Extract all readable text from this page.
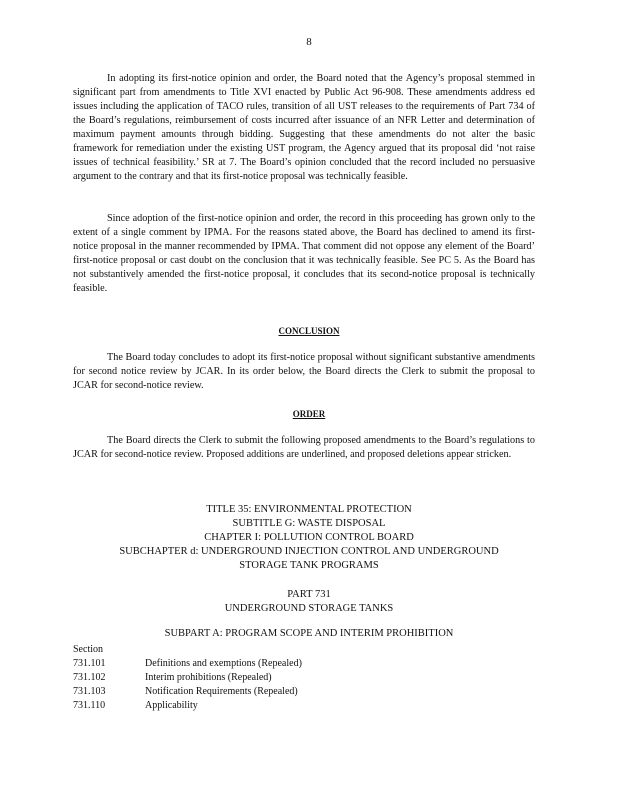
8

In adopting its first-notice opinion and order, the Board noted that the Agency’s proposal stemmed in significant part from amendments to Title XVI enacted by Public Act 96-908. These amendments address ed issues including the application of TACO rules, transition of all UST releases to the requirements of Part 734 of the Board’s regulations, reimbursement of costs incurred after issuance of an NFR Letter and determination of maximum payment amounts through bidding. Suggesting that these amendments do not alter the basic framework for remediation under the existing UST program, the Agency argued that its proposal did ‘not raise issues of technical feasibility.’ SR at 7. The Board’s opinion concluded that the record included no persuasive argument to the contrary and that its first-notice proposal was technically feasible.

Since adoption of the first-notice opinion and order, the record in this proceeding has grown only to the extent of a single comment by IPMA. For the reasons stated above, the Board has declined to amend its first-notice proposal in the manner recommended by IPMA. That comment did not oppose any element of the Board’ first-notice proposal or cast doubt on the conclusion that it was technically feasible. See PC 5. As the Board has not substantively amended the first-notice proposal, it concludes that its second-notice proposal is technically feasible.

CONCLUSION

The Board today concludes to adopt its first-notice proposal without significant substantive amendments for second notice review by JCAR. In its order below, the Board directs the Clerk to submit the proposal to JCAR for second-notice review.

ORDER

The Board directs the Clerk to submit the following proposed amendments to the Board’s regulations to JCAR for second-notice review. Proposed additions are underlined, and proposed deletions appear stricken.

TITLE 35: ENVIRONMENTAL PROTECTION
SUBTITLE G: WASTE DISPOSAL
CHAPTER I: POLLUTION CONTROL BOARD
SUBCHAPTER d: UNDERGROUND INJECTION CONTROL AND UNDERGROUND
STORAGE TANK PROGRAMS
PART 731
UNDERGROUND STORAGE TANKS
SUBPART A: PROGRAM SCOPE AND INTERIM PROHIBITION
Section
731.101	Definitions and exemptions (Repealed)
731.102	Interim prohibitions (Repealed)
731.103	Notification Requirements (Repealed)
731.110	Applicability
